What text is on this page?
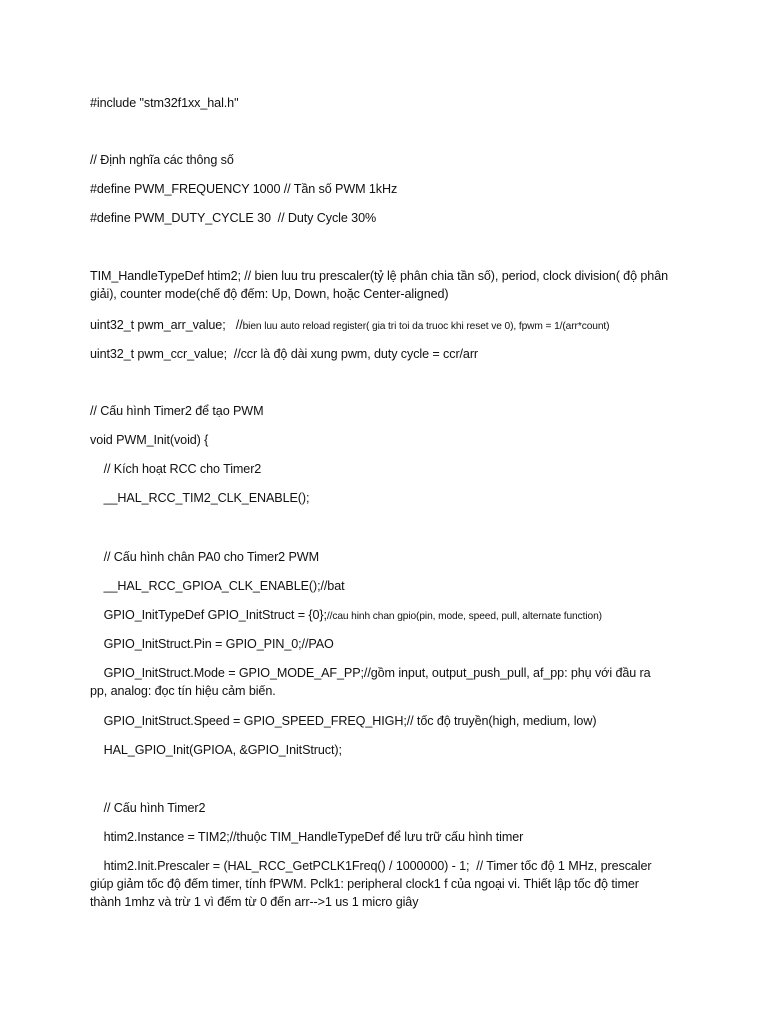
#include "stm32f1xx_hal.h"
// Định nghĩa các thông số
#define PWM_FREQUENCY 1000 // Tần số PWM 1kHz
#define PWM_DUTY_CYCLE 30  // Duty Cycle 30%
TIM_HandleTypeDef htim2; // bien luu tru prescaler(tỷ lệ phân chia tần số), period, clock division( độ phân giải), counter mode(chế độ đếm: Up, Down, hoặc Center-aligned)
uint32_t pwm_arr_value;   //bien luu auto reload register( gia tri toi da truoc khi reset ve 0), fpwm = 1/(arr*count)
uint32_t pwm_ccr_value;  //ccr là độ dài xung pwm, duty cycle = ccr/arr
// Cấu hình Timer2 để tạo PWM
void PWM_Init(void) {
// Kích hoạt RCC cho Timer2
__HAL_RCC_TIM2_CLK_ENABLE();
// Cấu hình chân PA0 cho Timer2 PWM
__HAL_RCC_GPIOA_CLK_ENABLE();//bat
GPIO_InitTypeDef GPIO_InitStruct = {0};//cau hinh chan gpio(pin, mode, speed, pull, alternate function)
GPIO_InitStruct.Pin = GPIO_PIN_0;//PAO
GPIO_InitStruct.Mode = GPIO_MODE_AF_PP;//gồm input, output_push_pull, af_pp: phụ với đầu ra pp, analog: đọc tín hiệu cảm biến.
GPIO_InitStruct.Speed = GPIO_SPEED_FREQ_HIGH;// tốc độ truyền(high, medium, low)
HAL_GPIO_Init(GPIOA, &GPIO_InitStruct);
// Cấu hình Timer2
htim2.Instance = TIM2;//thuộc TIM_HandleTypeDef để lưu trữ cấu hình timer
htim2.Init.Prescaler = (HAL_RCC_GetPCLK1Freq() / 1000000) - 1;  // Timer tốc độ 1 MHz, prescaler giúp giảm tốc độ đếm timer, tính fPWM. Pclk1: peripheral clock1 f của ngoại vi. Thiết lập tốc độ timer thành 1mhz và trừ 1 vì đếm từ 0 đến arr-->1 us 1 micro giây
